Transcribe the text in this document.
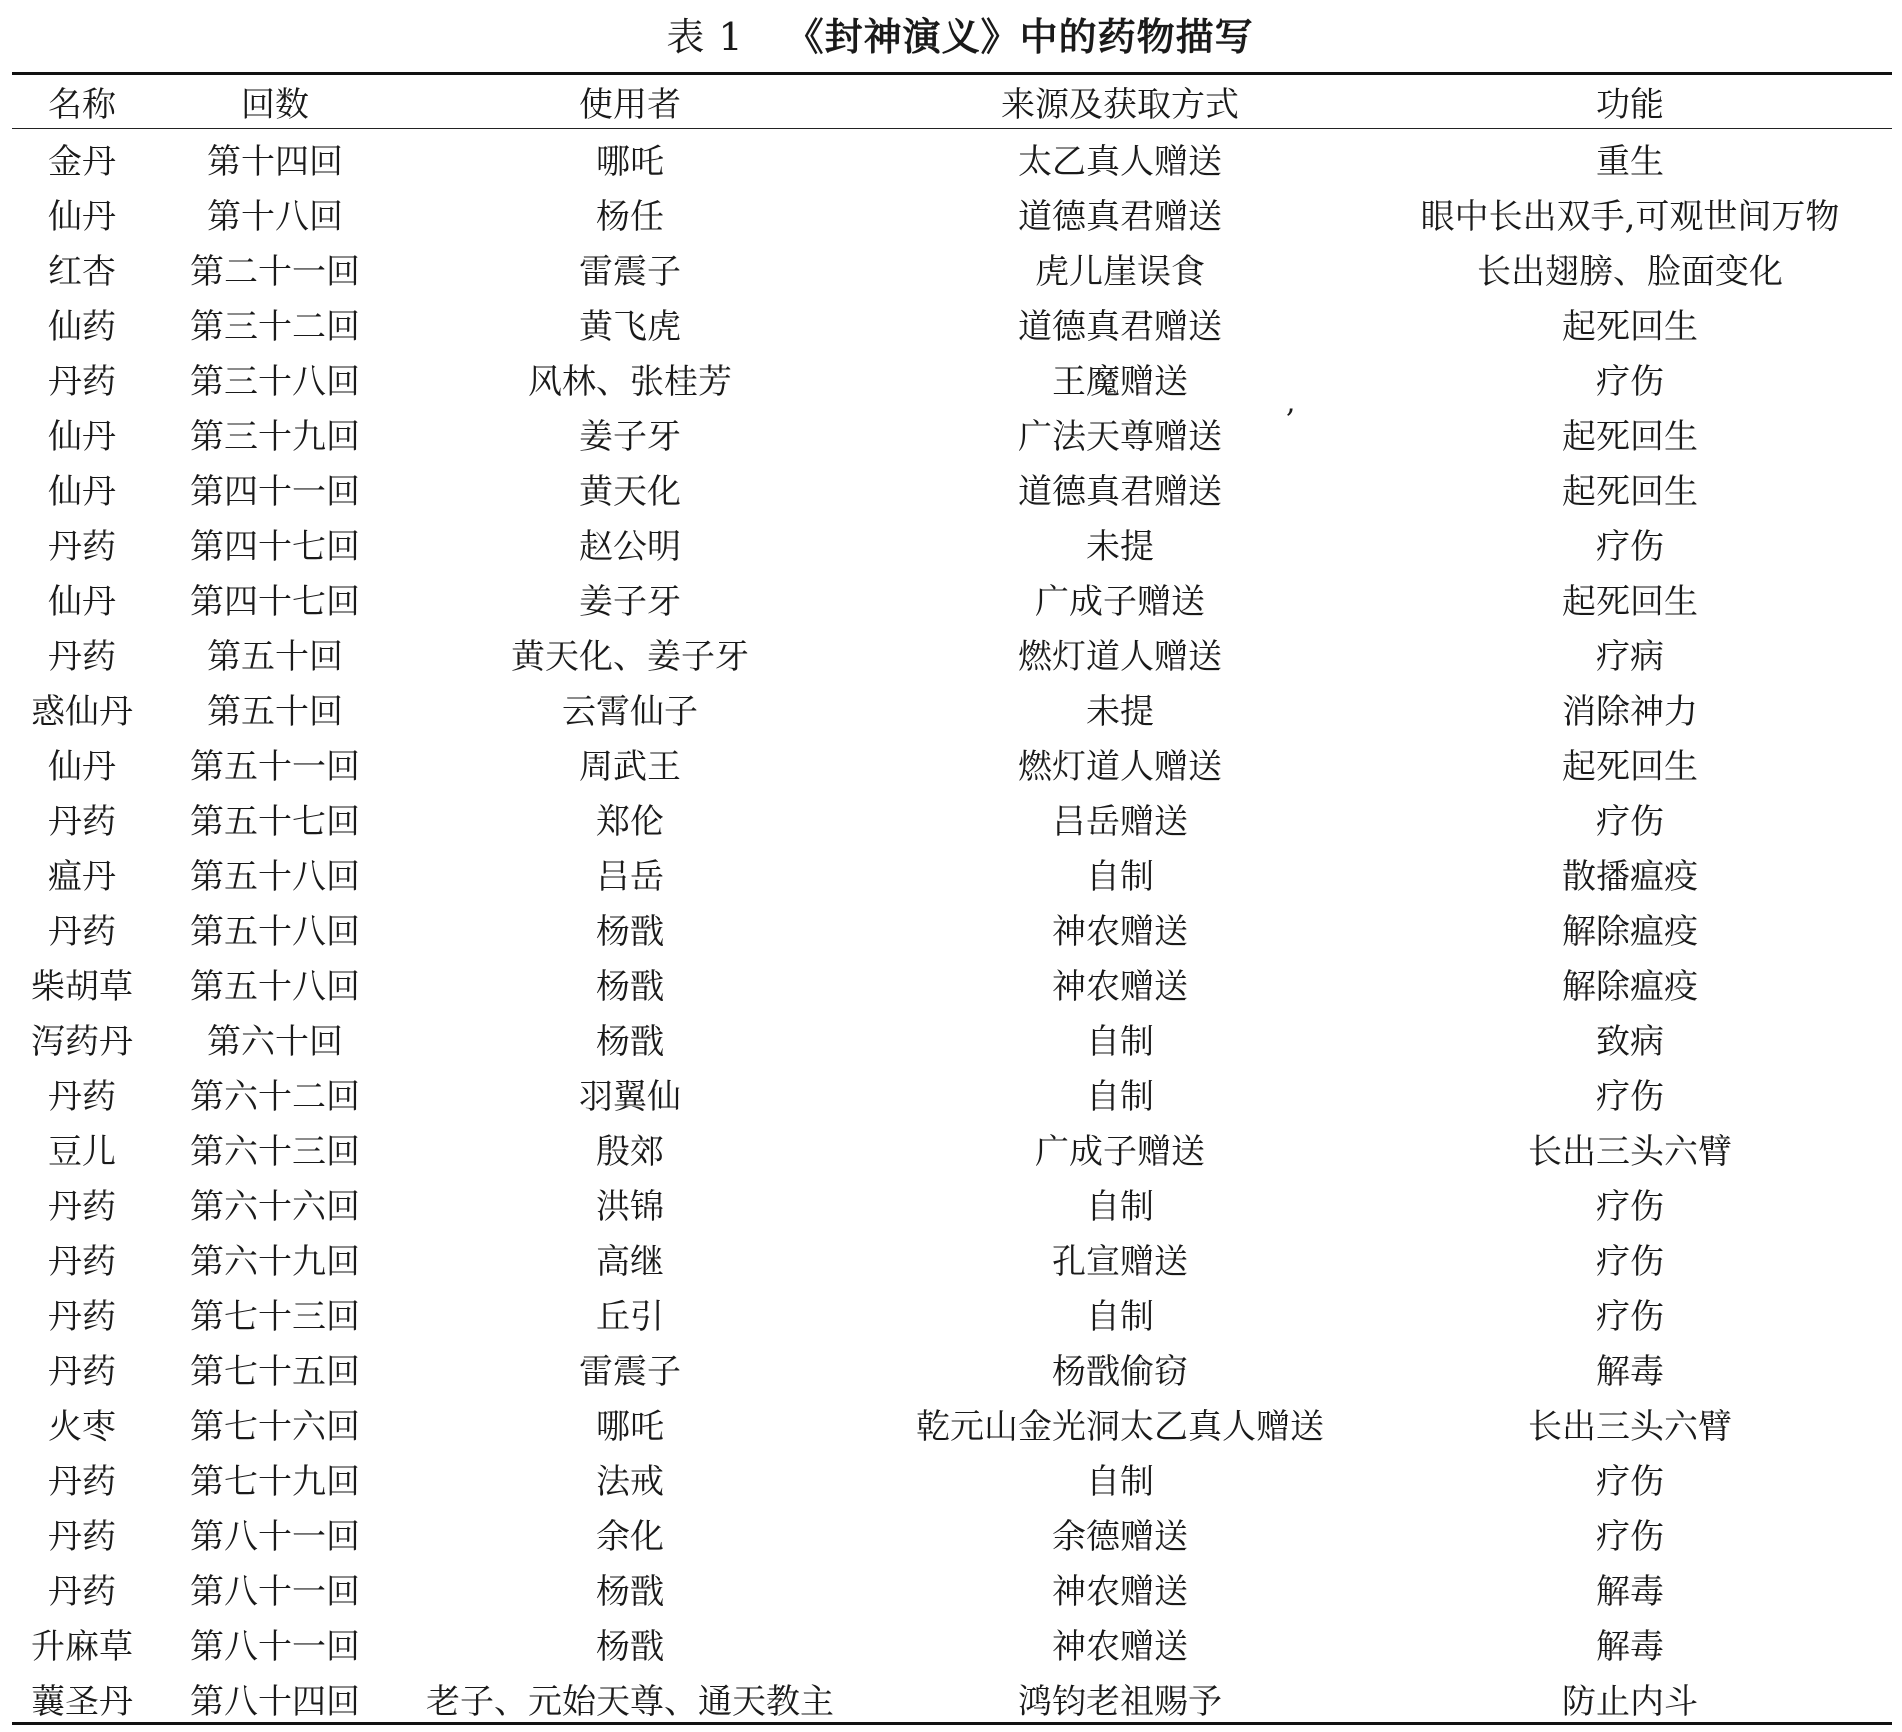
表 1 《封神演义》中的药物描写
名称	回数	使用者	来源及获取方式	功能
金丹	第十四回	哪吒	太乙真人赠送	重生
仙丹	第十八回	杨任	道德真君赠送	眼中长出双手,可观世间万物
红杏	第二十一回	雷震子	虎儿崖误食	长出翅膀、脸面变化
仙药	第三十二回	黄飞虎	道德真君赠送	起死回生
丹药	第三十八回	风林、张桂芳	王魔赠送	疗伤
仙丹	第三十九回	姜子牙	广法天尊赠送	起死回生
仙丹	第四十一回	黄天化	道德真君赠送	起死回生
丹药	第四十七回	赵公明	未提	疗伤
仙丹	第四十七回	姜子牙	广成子赠送	起死回生
丹药	第五十回	黄天化、姜子牙	燃灯道人赠送	疗病
惑仙丹	第五十回	云霄仙子	未提	消除神力
仙丹	第五十一回	周武王	燃灯道人赠送	起死回生
丹药	第五十七回	郑伦	吕岳赠送	疗伤
瘟丹	第五十八回	吕岳	自制	散播瘟疫
丹药	第五十八回	杨戬	神农赠送	解除瘟疫
柴胡草	第五十八回	杨戬	神农赠送	解除瘟疫
泻药丹	第六十回	杨戬	自制	致病
丹药	第六十二回	羽翼仙	自制	疗伤
豆儿	第六十三回	殷郊	广成子赠送	长出三头六臂
丹药	第六十六回	洪锦	自制	疗伤
丹药	第六十九回	高继	孔宣赠送	疗伤
丹药	第七十三回	丘引	自制	疗伤
丹药	第七十五回	雷震子	杨戬偷窃	解毒
火枣	第七十六回	哪吒	乾元山金光洞太乙真人赠送	长出三头六臂
丹药	第七十九回	法戒	自制	疗伤
丹药	第八十一回	余化	余德赠送	疗伤
丹药	第八十一回	杨戬	神农赠送	解毒
升麻草	第八十一回	杨戬	神农赠送	解毒
蘘圣丹	第八十四回	老子、元始天尊、通天教主	鸿钧老祖赐予	防止内斗
,
